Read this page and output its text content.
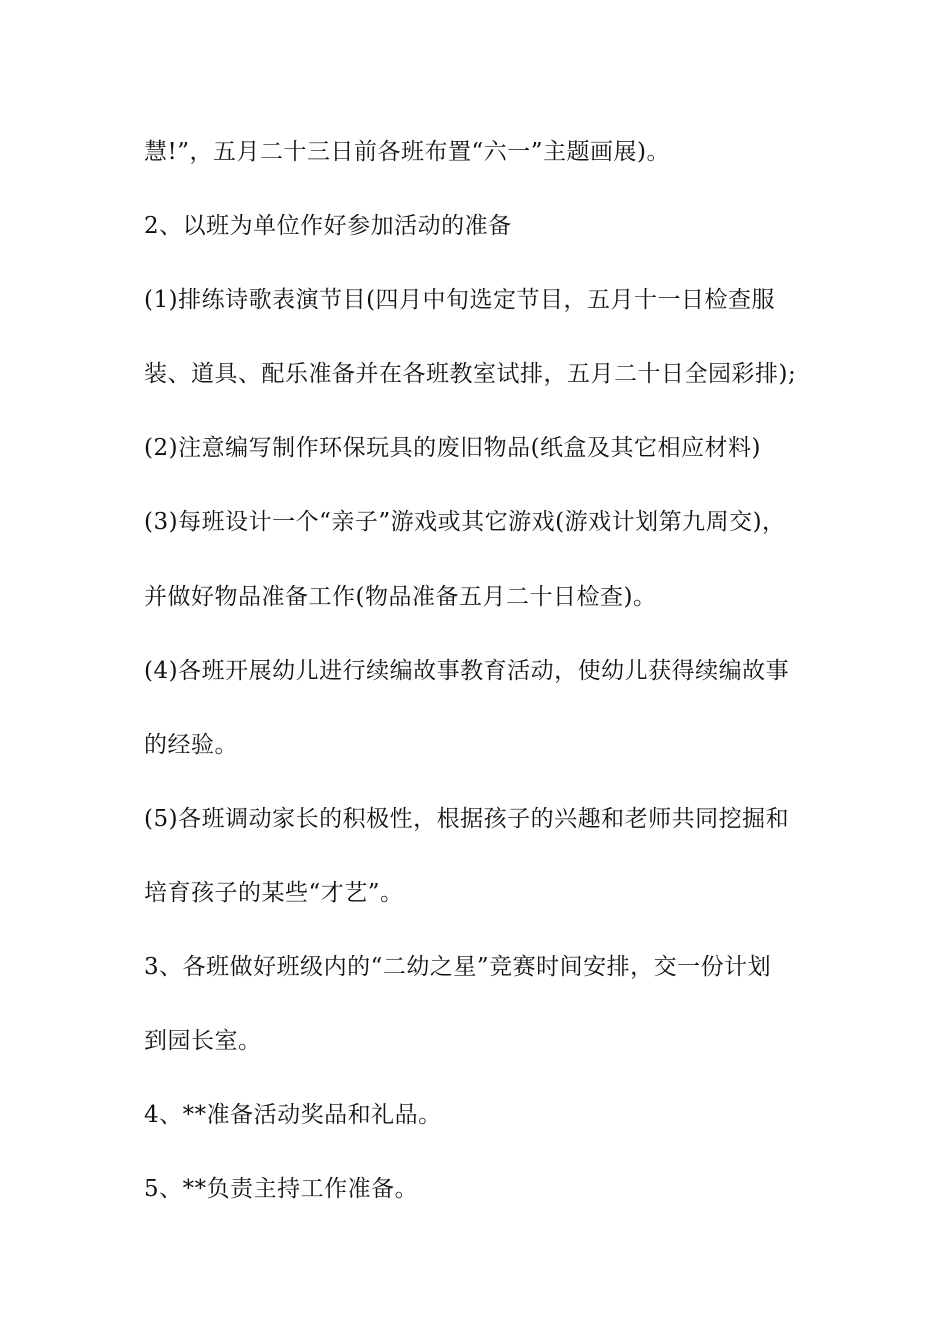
慧!”，五月二十三日前各班布置“六一”主题画展)。
2、以班为单位作好参加活动的准备
(1)排练诗歌表演节目(四月中旬选定节目，五月十一日检查服
装、道具、配乐准备并在各班教室试排，五月二十日全园彩排);
(2)注意编写制作环保玩具的废旧物品(纸盒及其它相应材料)
(3)每班设计一个“亲子”游戏或其它游戏(游戏计划第九周交)，
并做好物品准备工作(物品准备五月二十日检查)。
(4)各班开展幼儿进行续编故事教育活动，使幼儿获得续编故事
的经验。
(5)各班调动家长的积极性，根据孩子的兴趣和老师共同挖掘和
培育孩子的某些“才艺”。
3、各班做好班级内的“二幼之星”竞赛时间安排，交一份计划
到园长室。
4、**准备活动奖品和礼品。
5、**负责主持工作准备。
